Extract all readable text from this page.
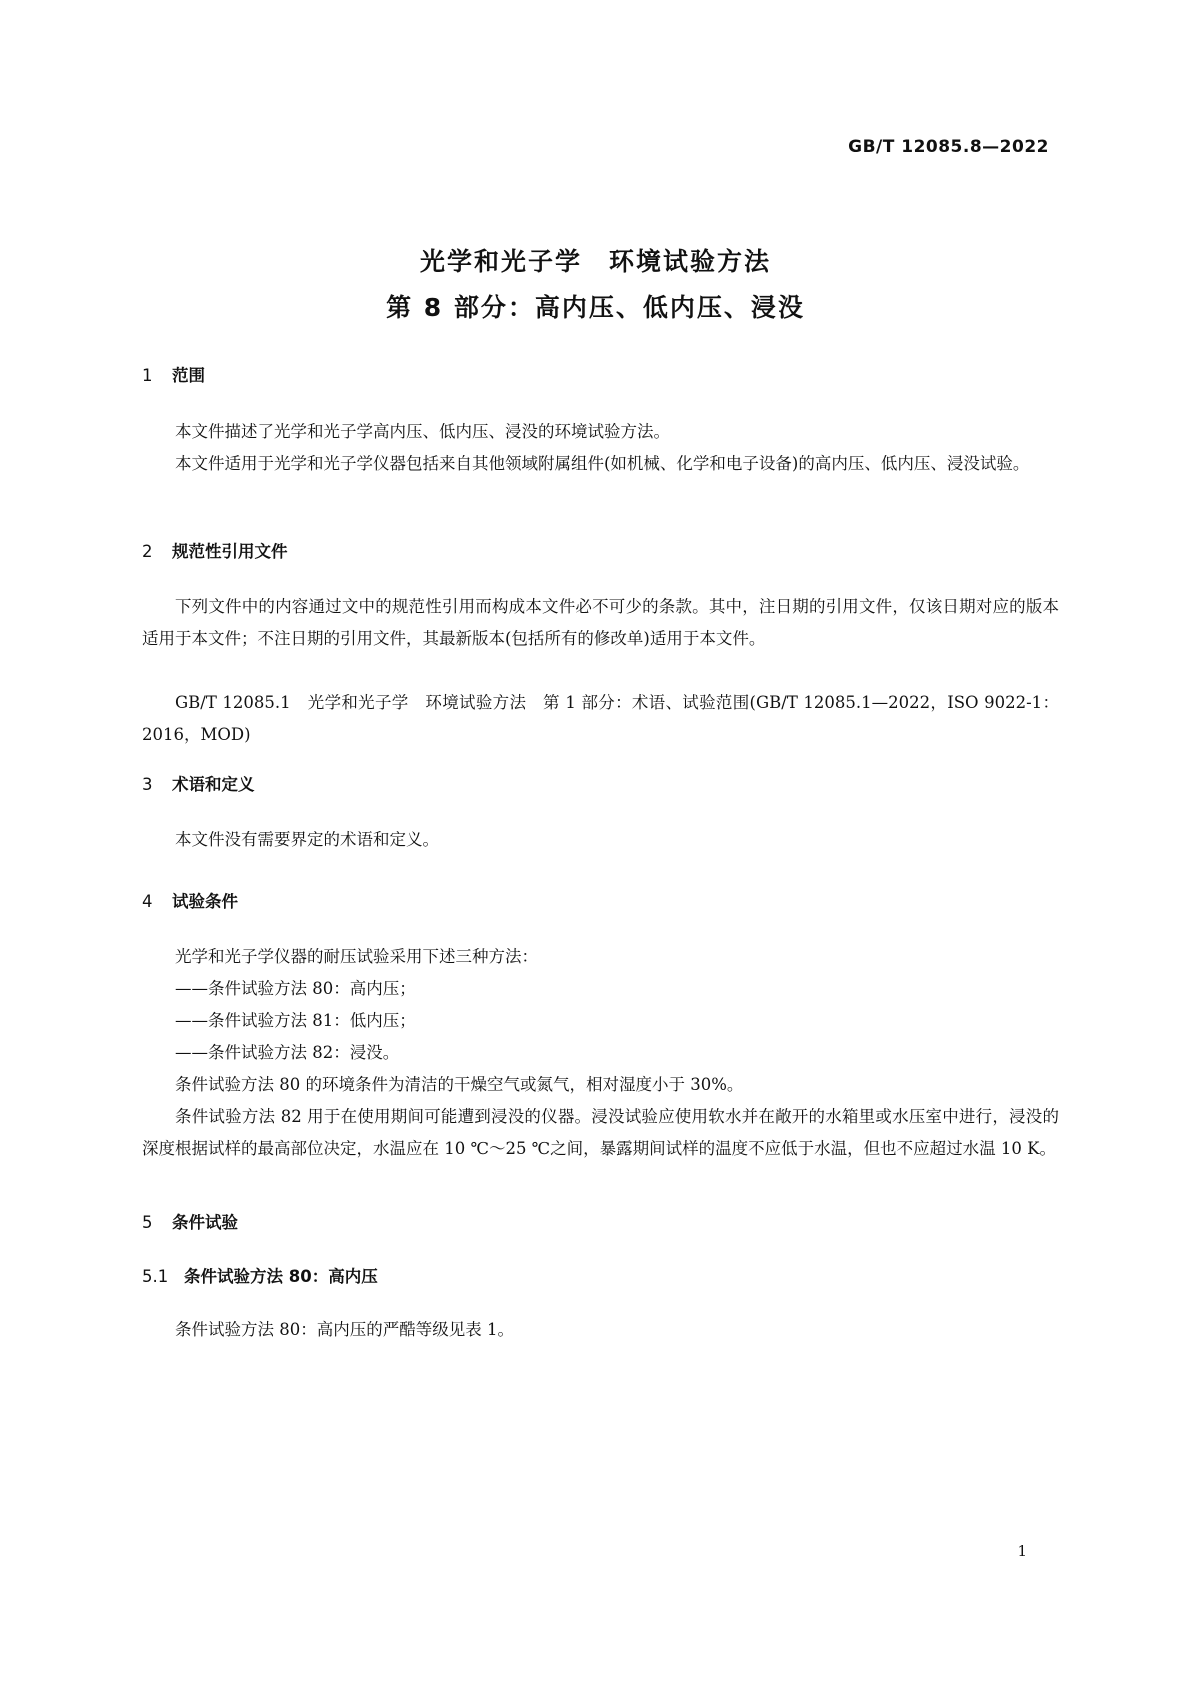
GB/T 12085.8—2022
光学和光子学　环境试验方法
第 8 部分：高内压、低内压、浸没
1 范围
本文件描述了光学和光子学高内压、低内压、浸没的环境试验方法。
本文件适用于光学和光子学仪器包括来自其他领域附属组件(如机械、化学和电子设备)的高内压、低内压、浸没试验。
2 规范性引用文件
下列文件中的内容通过文中的规范性引用而构成本文件必不可少的条款。其中，注日期的引用文件，仅该日期对应的版本适用于本文件；不注日期的引用文件，其最新版本(包括所有的修改单)适用于本文件。
GB/T 12085.1　光学和光子学　环境试验方法　第 1 部分：术语、试验范围(GB/T 12085.1—2022，ISO 9022-1：2016，MOD)
3 术语和定义
本文件没有需要界定的术语和定义。
4 试验条件
光学和光子学仪器的耐压试验采用下述三种方法：
——条件试验方法 80：高内压；
——条件试验方法 81：低内压；
——条件试验方法 82：浸没。
条件试验方法 80 的环境条件为清洁的干燥空气或氮气，相对湿度小于 30%。
条件试验方法 82 用于在使用期间可能遭到浸没的仪器。浸没试验应使用软水并在敞开的水箱里或水压室中进行，浸没的深度根据试样的最高部位决定，水温应在 10 ℃～25 ℃之间，暴露期间试样的温度不应低于水温，但也不应超过水温 10 K。
5 条件试验
5.1 条件试验方法 80：高内压
条件试验方法 80：高内压的严酷等级见表 1。
1
